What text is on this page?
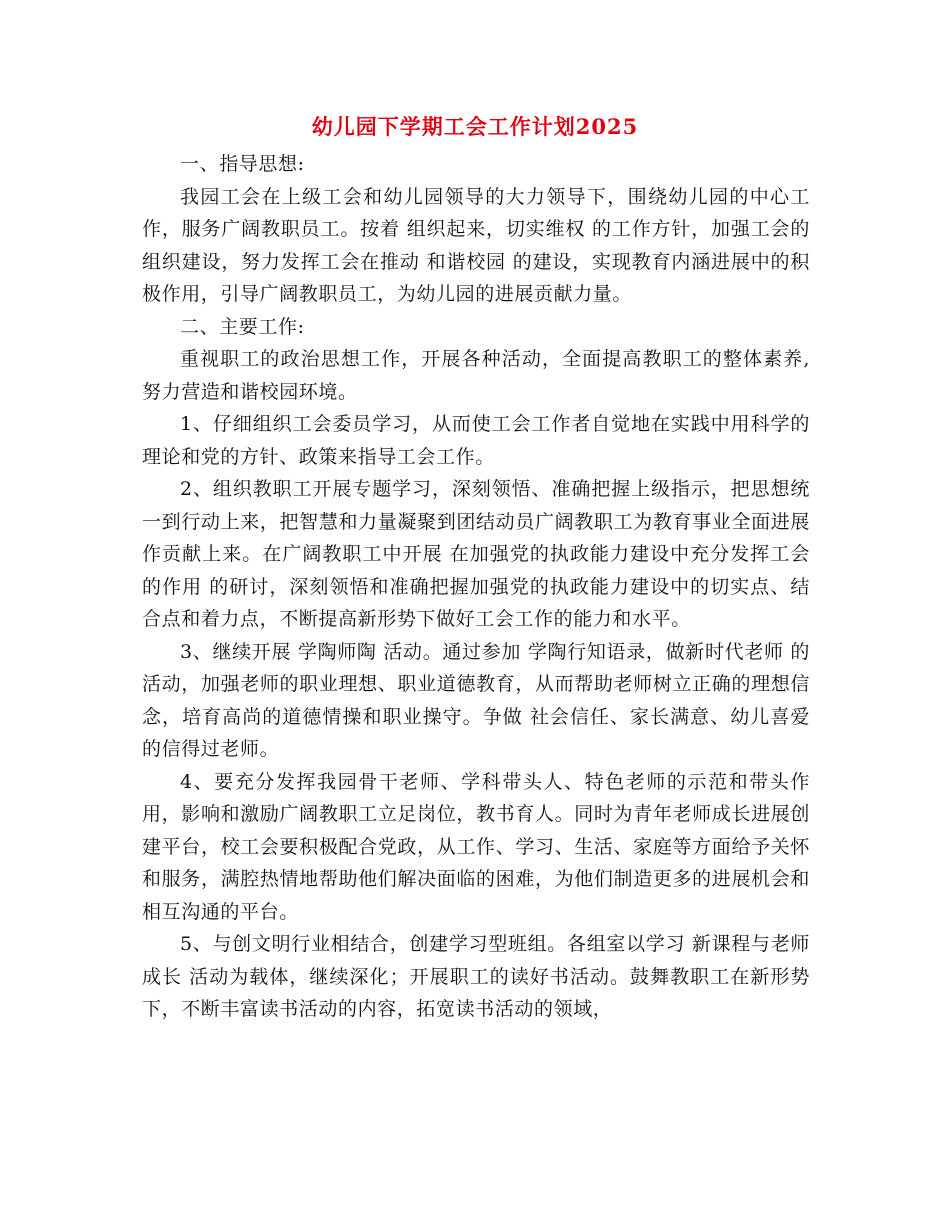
幼儿园下学期工会工作计划2025

一、指导思想:

我园工会在上级工会和幼儿园领导的大力领导下，围绕幼儿园的中心工作，服务广阔教职员工。按着 组织起来，切实维权 的工作方针，加强工会的组织建设，努力发挥工会在推动 和谐校园 的建设，实现教育内涵进展中的积极作用，引导广阔教职员工，为幼儿园的进展贡献力量。

二、主要工作:

重视职工的政治思想工作，开展各种活动，全面提高教职工的整体素养,努力营造和谐校园环境。

1、仔细组织工会委员学习，从而使工会工作者自觉地在实践中用科学的理论和党的方针、政策来指导工会工作。

2、组织教职工开展专题学习，深刻领悟、准确把握上级指示，把思想统一到行动上来，把智慧和力量凝聚到团结动员广阔教职工为教育事业全面进展作贡献上来。在广阔教职工中开展 在加强党的执政能力建设中充分发挥工会的作用 的研讨，深刻领悟和准确把握加强党的执政能力建设中的切实点、结合点和着力点，不断提高新形势下做好工会工作的能力和水平。

3、继续开展 学陶师陶 活动。通过参加 学陶行知语录，做新时代老师 的活动，加强老师的职业理想、职业道德教育，从而帮助老师树立正确的理想信念，培育高尚的道德情操和职业操守。争做 社会信任、家长满意、幼儿喜爱 的信得过老师。

4、要充分发挥我园骨干老师、学科带头人、特色老师的示范和带头作用，影响和激励广阔教职工立足岗位，教书育人。同时为青年老师成长进展创建平台，校工会要积极配合党政，从工作、学习、生活、家庭等方面给予关怀和服务，满腔热情地帮助他们解决面临的困难，为他们制造更多的进展机会和相互沟通的平台。

5、与创文明行业相结合，创建学习型班组。各组室以学习 新课程与老师成长 活动为载体，继续深化；开展职工的读好书活动。鼓舞教职工在新形势下，不断丰富读书活动的内容，拓宽读书活动的领域，
